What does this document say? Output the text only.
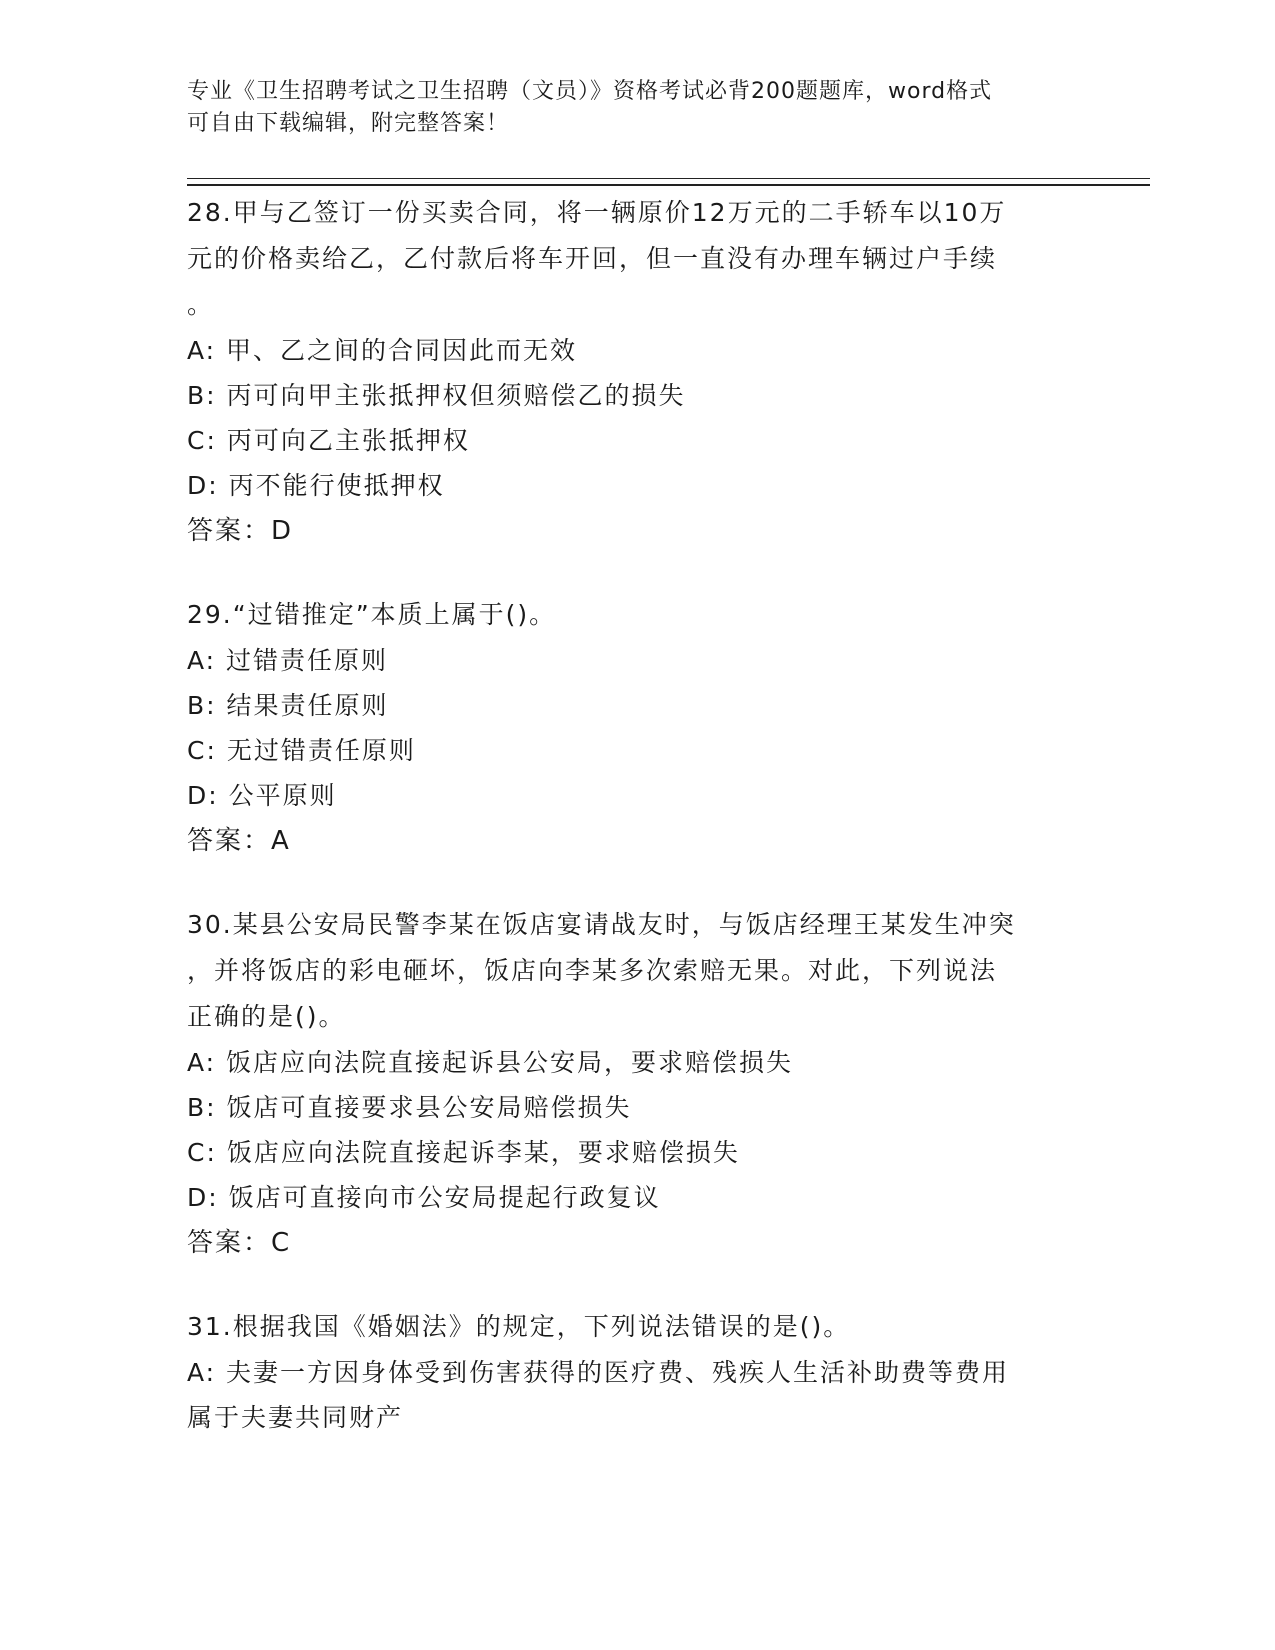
专业《卫生招聘考试之卫生招聘（文员）》资格考试必背200题题库，word格式
可自由下载编辑，附完整答案！

28.甲与乙签订一份买卖合同，将一辆原价12万元的二手轿车以10万

元的价格卖给乙，乙付款后将车开回，但一直没有办理车辆过户手续

。

A: 甲、乙之间的合同因此而无效

B: 丙可向甲主张抵押权但须赔偿乙的损失

C: 丙可向乙主张抵押权

D: 丙不能行使抵押权

答案：D

29.“过错推定”本质上属于()。

A: 过错责任原则

B: 结果责任原则

C: 无过错责任原则

D: 公平原则

答案：A

30.某县公安局民警李某在饭店宴请战友时，与饭店经理王某发生冲突

，并将饭店的彩电砸坏，饭店向李某多次索赔无果。对此，下列说法

正确的是()。

A: 饭店应向法院直接起诉县公安局，要求赔偿损失

B: 饭店可直接要求县公安局赔偿损失

C: 饭店应向法院直接起诉李某，要求赔偿损失

D: 饭店可直接向市公安局提起行政复议

答案：C

31.根据我国《婚姻法》的规定，下列说法错误的是()。

A: 夫妻一方因身体受到伤害获得的医疗费、残疾人生活补助费等费用

属于夫妻共同财产
